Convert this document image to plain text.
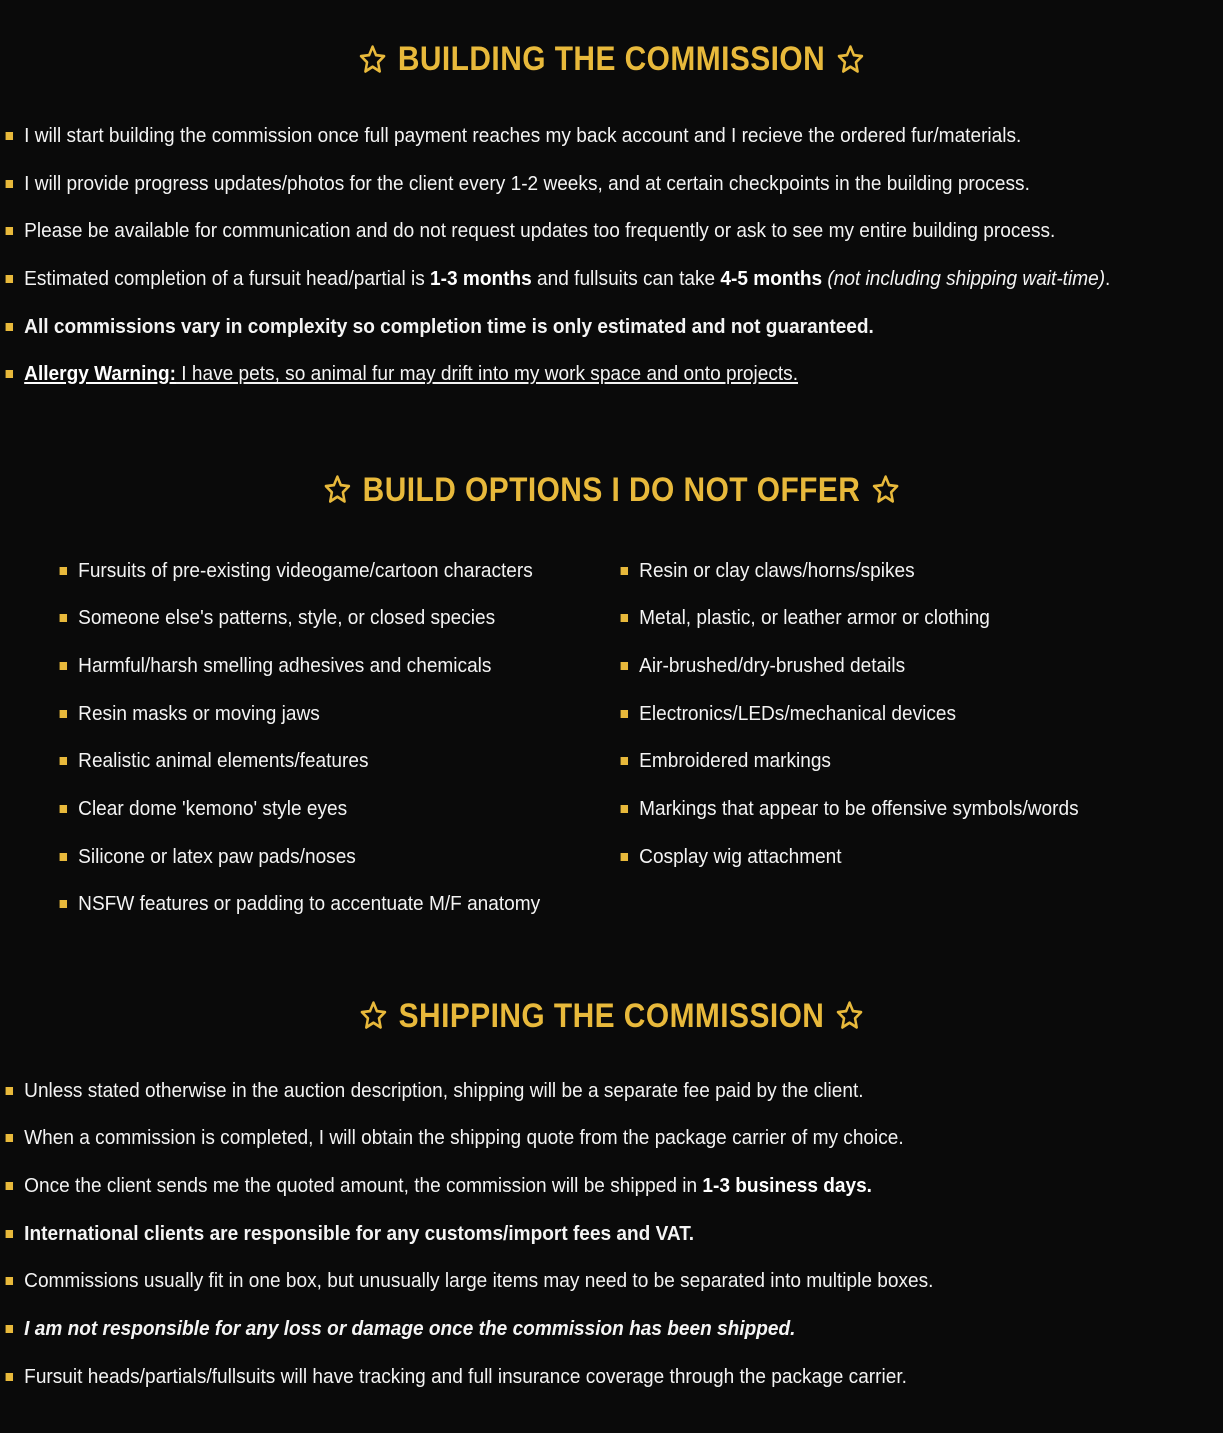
BUILDING THE COMMISSION
I will start building the commission once full payment reaches my back account and I recieve the ordered fur/materials.
I will provide progress updates/photos for the client every 1-2 weeks, and at certain checkpoints in the building process.
Please be available for communication and do not request updates too frequently or ask to see my entire building process.
Estimated completion of a fursuit head/partial is 1-3 months and fullsuits can take 4-5 months (not including shipping wait-time).
All commissions vary in complexity so completion time is only estimated and not guaranteed.
Allergy Warning: I have pets, so animal fur may drift into my work space and onto projects.
BUILD OPTIONS I DO NOT OFFER
Fursuits of pre-existing videogame/cartoon characters
Someone else's patterns, style, or closed species
Harmful/harsh smelling adhesives and chemicals
Resin masks or moving jaws
Realistic animal elements/features
Clear dome 'kemono' style eyes
Silicone or latex paw pads/noses
NSFW features or padding to accentuate M/F anatomy
Resin or clay claws/horns/spikes
Metal, plastic, or leather armor or clothing
Air-brushed/dry-brushed details
Electronics/LEDs/mechanical devices
Embroidered markings
Markings that appear to be offensive symbols/words
Cosplay wig attachment
SHIPPING THE COMMISSION
Unless stated otherwise in the auction description, shipping will be a separate fee paid by the client.
When a commission is completed, I will obtain the shipping quote from the package carrier of my choice.
Once the client sends me the quoted amount, the commission will be shipped in 1-3 business days.
International clients are responsible for any customs/import fees and VAT.
Commissions usually fit in one box, but unusually large items may need to be separated into multiple boxes.
I am not responsible for any loss or damage once the commission has been shipped.
Fursuit heads/partials/fullsuits will have tracking and full insurance coverage through the package carrier.
